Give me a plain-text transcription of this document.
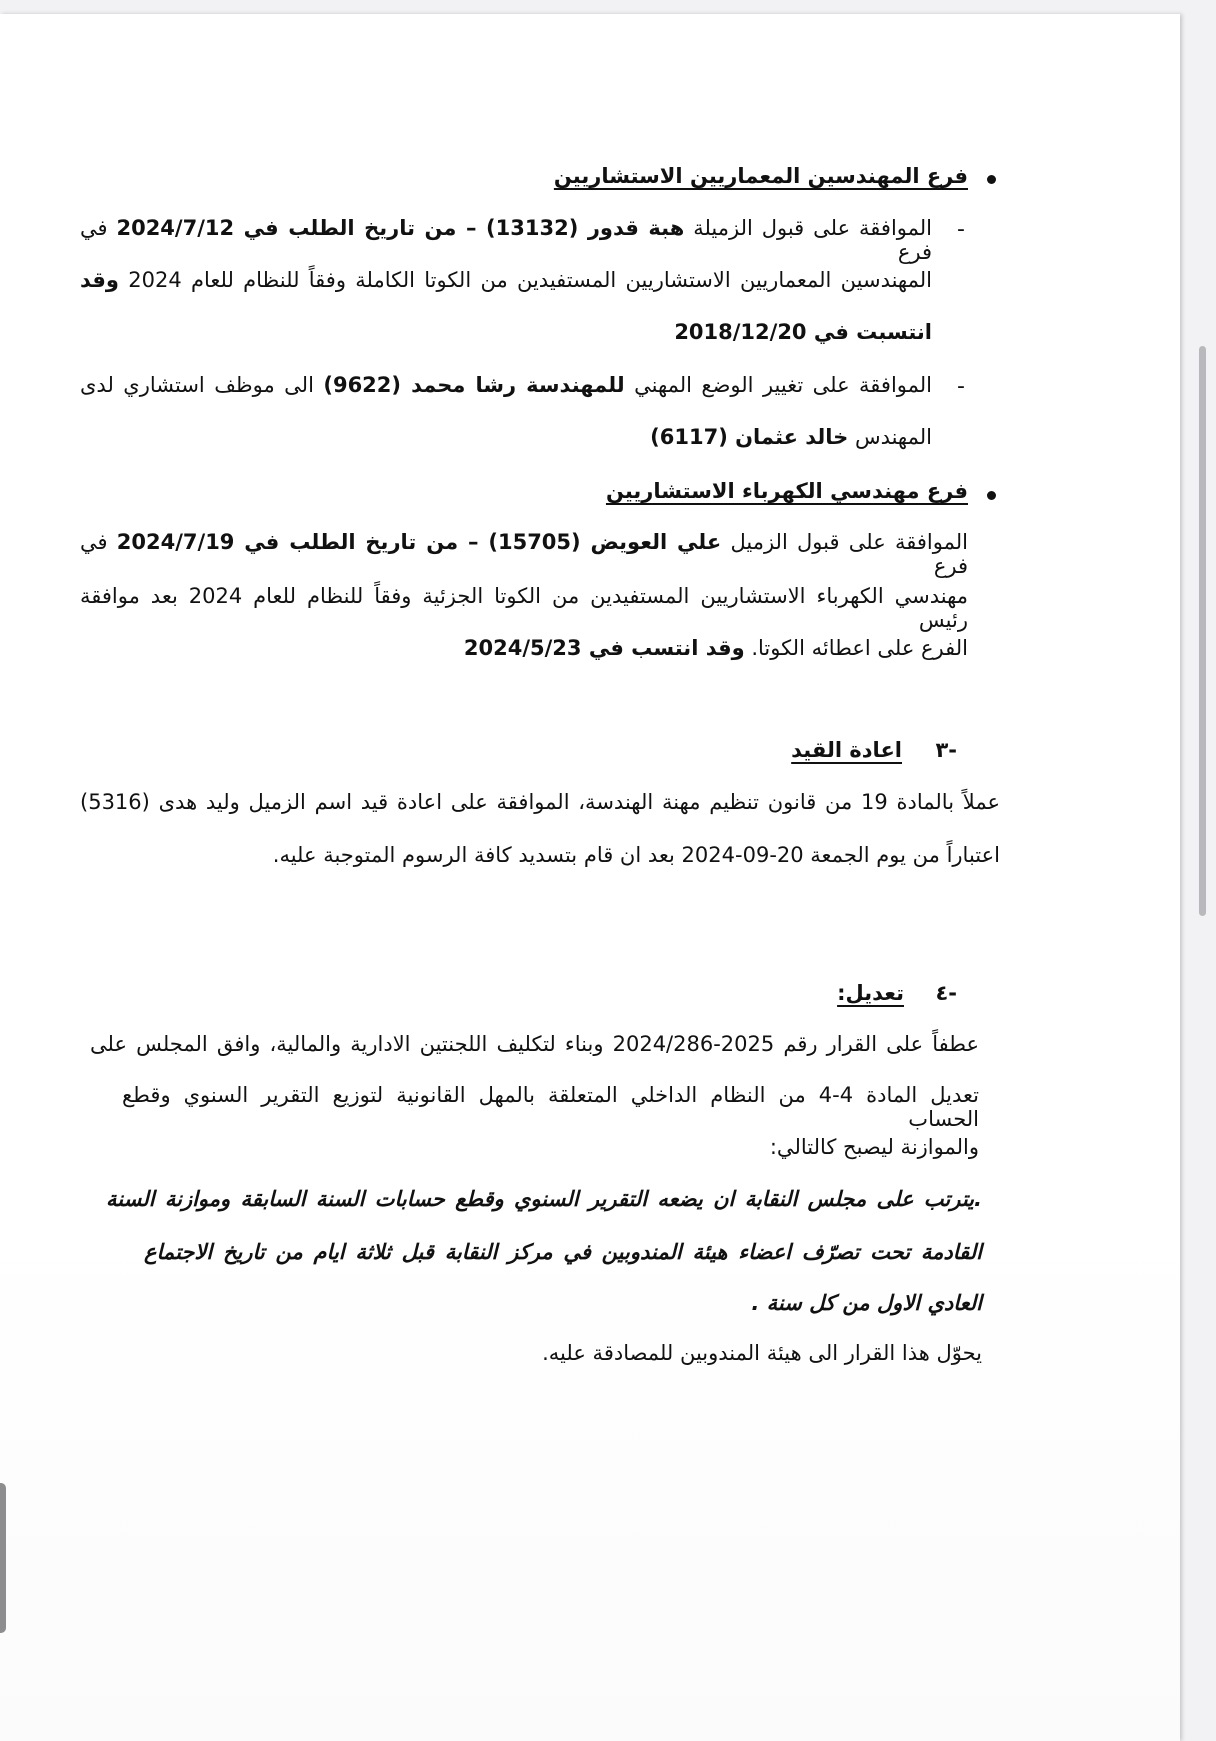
فرع المهندسين المعماريين الاستشاريين
-
الموافقة على قبول الزميلة هبة قدور (13132) – من تاريخ الطلب في 2024/7/12 في فرع
المهندسين المعماريين الاستشاريين المستفيدين من الكوتا الكاملة وفقاً للنظام للعام 2024 وقد
انتسبت في 2018/12/20
-
الموافقة على تغيير الوضع المهني للمهندسة رشا محمد (9622) الى موظف استشاري لدى
المهندس خالد عثمان (6117)
فرع مهندسي الكهرباء الاستشاريين
الموافقة على قبول الزميل علي العويض (15705) – من تاريخ الطلب في 2024/7/19 في فرع
مهندسي الكهرباء الاستشاريين المستفيدين من الكوتا الجزئية وفقاً للنظام للعام 2024 بعد موافقة رئيس
الفرع على اعطائه الكوتا. وقد انتسب في 2024/5/23
٣-
اعادة القيد
عملاً بالمادة 19 من قانون تنظيم مهنة الهندسة، الموافقة على اعادة قيد اسم الزميل وليد هدى (5316)
اعتباراً من يوم الجمعة 20-09-2024 بعد ان قام بتسديد كافة الرسوم المتوجبة عليه.
٤-
تعديل:
عطفاً على القرار رقم 2025-2024/286 وبناء لتكليف اللجنتين الادارية والمالية، وافق المجلس على
تعديل المادة 4-4 من النظام الداخلي المتعلقة بالمهل القانونية لتوزيع التقرير السنوي وقطع الحساب
والموازنة ليصبح كالتالي:
.يترتب على مجلس النقابة ان يضعه التقرير السنوي وقطع حسابات السنة السابقة وموازنة السنة
القادمة تحت تصرّف اعضاء هيئة المندوبين في مركز النقابة قبل ثلاثة ايام من تاريخ الاجتماع
العادي الاول من كل سنة .
يحوّل هذا القرار الى هيئة المندوبين للمصادقة عليه.
